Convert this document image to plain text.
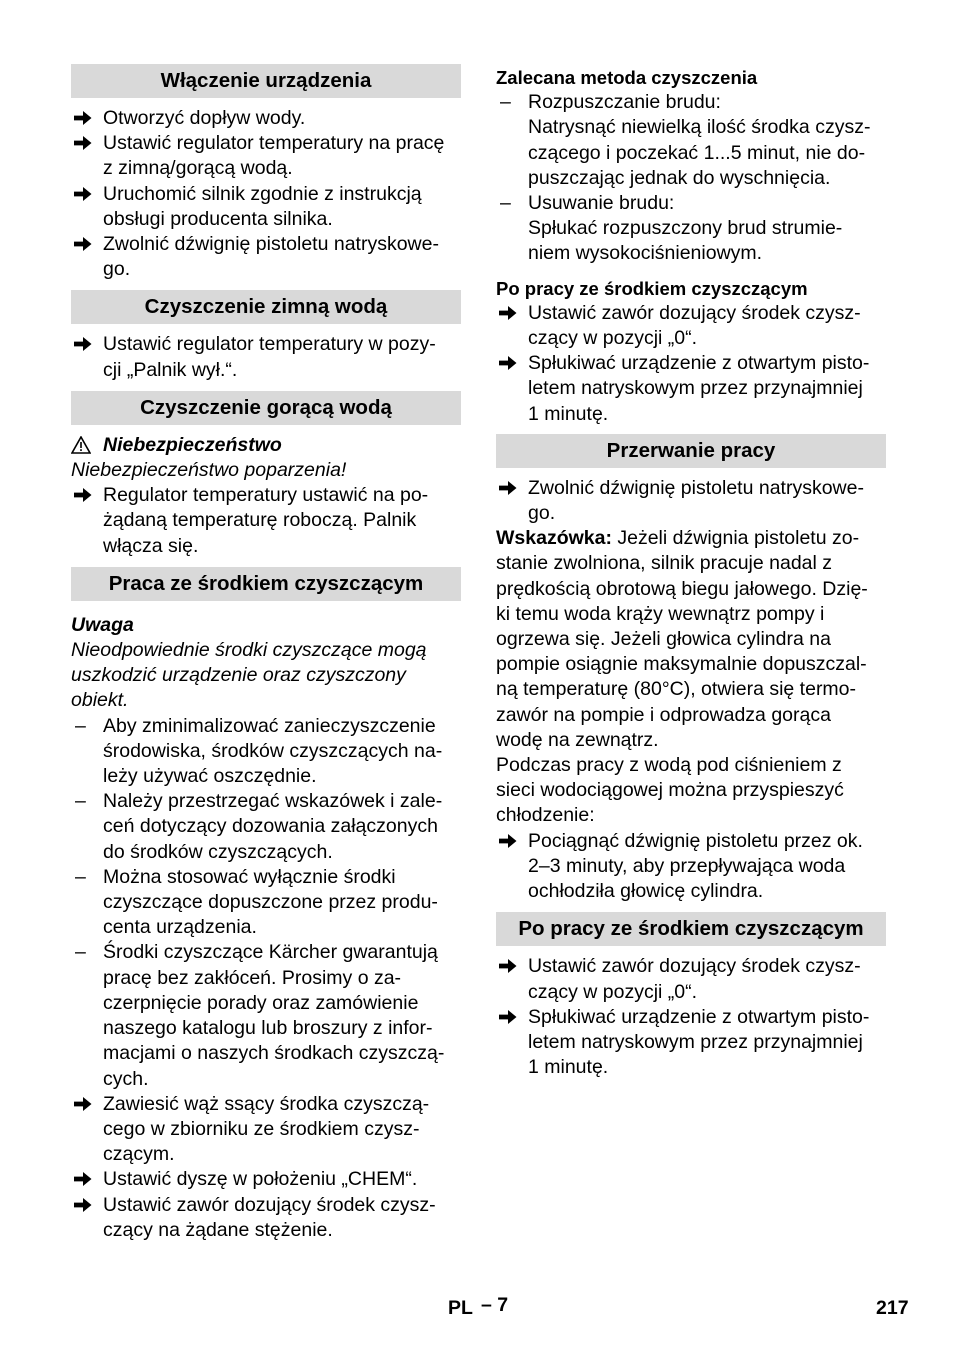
Włączenie urządzenia
Otworzyć dopływ wody.
Ustawić regulator temperatury na pracę
z zimną/gorącą wodą.
Uruchomić silnik zgodnie z instrukcją
obsługi producenta silnika.
Zwolnić dźwignię pistoletu natryskowe-
go.
Czyszczenie zimną wodą
Ustawić regulator temperatury w pozy-
cji „Palnik wył.“.
Czyszczenie gorącą wodą
Niebezpieczeństwo

Niebezpieczeństwo poparzenia!

Regulator temperatury ustawić na po-
żądaną temperaturę roboczą. Palnik
włącza się.
Praca ze środkiem czyszczącym

Uwaga

Nieodpowiednie środki czyszczące mogą
uszkodzić urządzenie oraz czyszczony
obiekt.
– Aby zminimalizować zanieczyszczenie
środowiska, środków czyszczących na-
leży używać oszczędnie.
– Należy przestrzegać wskazówek i zale-
ceń dotyczący dozowania załączonych
do środków czyszczących.
– Można stosować wyłącznie środki
czyszczące dopuszczone przez produ-
centa urządzenia.
– Środki czyszczące Kärcher gwarantują
pracę bez zakłóceń. Prosimy o za-
czerpnięcie porady oraz zamówienie
naszego katalogu lub broszury z infor-
macjami o naszych środkach czyszczą-
cych.
Zawiesić wąż ssący środka czyszczą-
cego w zbiorniku ze środkiem czysz-
czącym.
Ustawić dyszę w położeniu „CHEM“.
Ustawić zawór dozujący środek czysz-
czący na żądane stężenie.

Zalecana metoda czyszczenia

– Rozpuszczanie brudu:
Natrysnąć niewielką ilość środka czysz-
czącego i poczekać 1...5 minut, nie do-
puszczając jednak do wyschnięcia.
– Usuwanie brudu:
Spłukać rozpuszczony brud strumie-
niem wysokociśnieniowym.

Po pracy ze środkiem czyszczącym

Ustawić zawór dozujący środek czysz-
czący w pozycji „0“.
Spłukiwać urządzenie z otwartym pisto-
letem natryskowym przez przynajmniej
1 minutę.
Przerwanie pracy
Zwolnić dźwignię pistoletu natryskowe-
go.

Wskazówka: Jeżeli dźwignia pistoletu zo-

stanie zwolniona, silnik pracuje nadal z
prędkością obrotową biegu jałowego. Dzię-
ki temu woda krąży wewnątrz pompy i
ogrzewa się. Jeżeli głowica cylindra na
pompie osiągnie maksymalnie dopuszczal-
ną temperaturę (80°C), otwiera się termo-
zawór na pompie i odprowadza gorąca
wodę na zewnątrz.
Podczas pracy z wodą pod ciśnieniem z
sieci wodociągowej można przyspieszyć
chłodzenie:
Pociągnąć dźwignię pistoletu przez ok.
2–3 minuty, aby przepływająca woda
ochłodziła głowicę cylindra.
Po pracy ze środkiem czyszczącym
Ustawić zawór dozujący środek czysz-
czący w pozycji „0“.
Spłukiwać urządzenie z otwartym pisto-
letem natryskowym przez przynajmniej
1 minutę.
PL – 7	217
